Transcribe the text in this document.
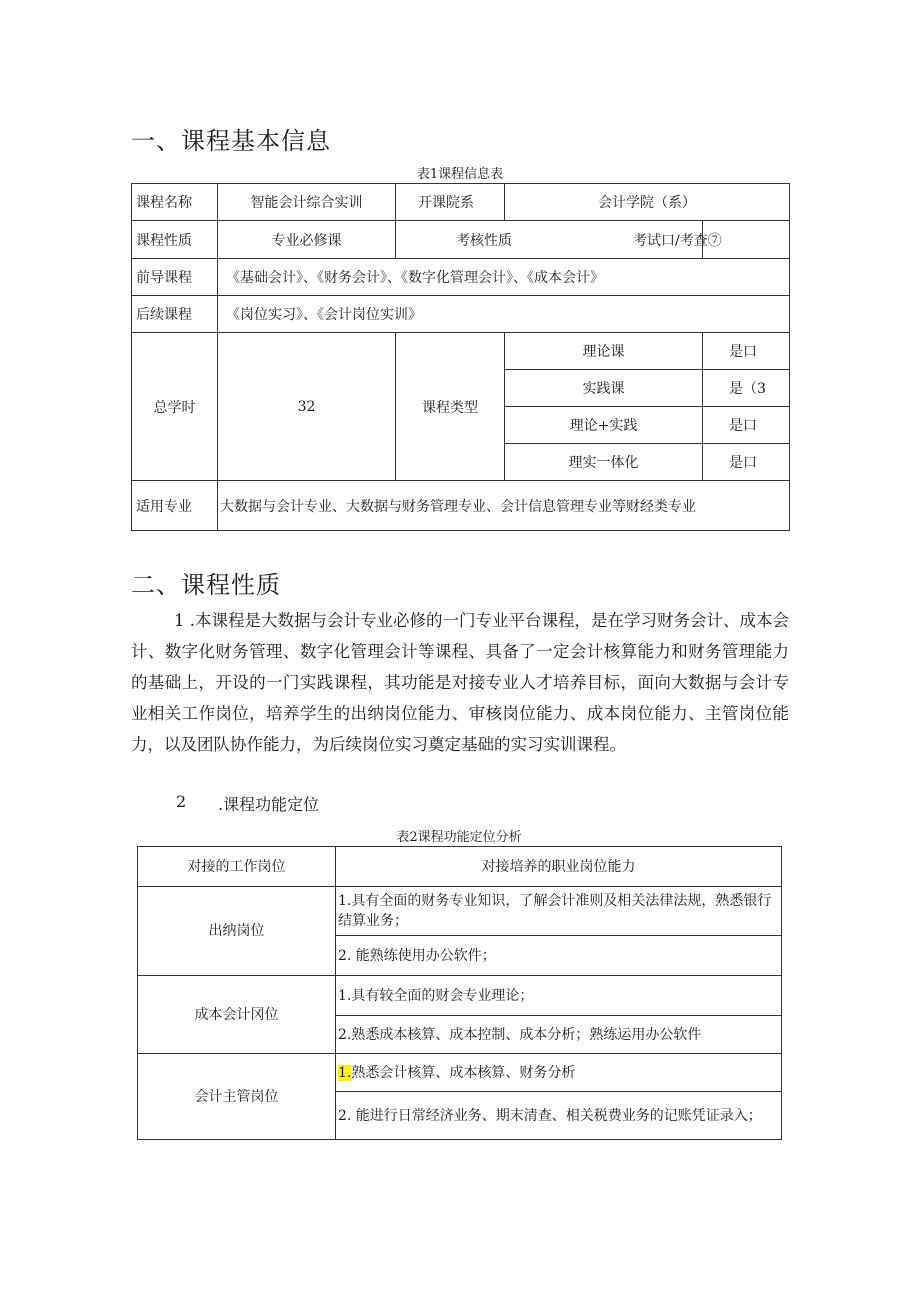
一、课程基本信息
表1课程信息表
课程名称	智能会计综合实训	开课院系	会计学院（系）	
课程性质	专业必修课	考核性质		考试口/考查⑦

前导课程	《基础会计》、《财务会计》、《数字化管理会计》、《成本会计》			
后续课程	《岗位实习》、《会计岗位实训》			
总学时	32	课程类型	理论课	是口
			实践课	是（3
			理论+实践	是口
			理实一体化	是口
适用专业	大数据与会计专业、大数据与财务管理专业、会计信息管理专业等财经类专业			
二、课程性质
1 .本课程是大数据与会计专业必修的一门专业平台课程，是在学习财务会计、成本会计、数字化财务管理、数字化管理会计等课程、具备了一定会计核算能力和财务管理能力的基础上，开设的一门实践课程，其功能是对接专业人才培养目标，面向大数据与会计专业相关工作岗位，培养学生的出纳岗位能力、审核岗位能力、成本岗位能力、主管岗位能力，以及团队协作能力，为后续岗位实习奠定基础的实习实训课程。
2 .课程功能定位
表2课程功能定位分析
对接的工作岗位	对接培养的职业岗位能力
出纳岗位	1.具有全面的财务专业知识，了解会计准则及相关法律法规，熟悉银行结算业务；
	2. 能熟练使用办公软件；
成本会计冈位	1.具有较全面的财会专业理论；
	2.熟悉成本核算、成本控制、成本分析；熟练运用办公软件
会计主管岗位	1.熟悉会计核算、成本核算、财务分析
	2. 能进行日常经济业务、期末清查、相关税费业务的记账凭证录入；
